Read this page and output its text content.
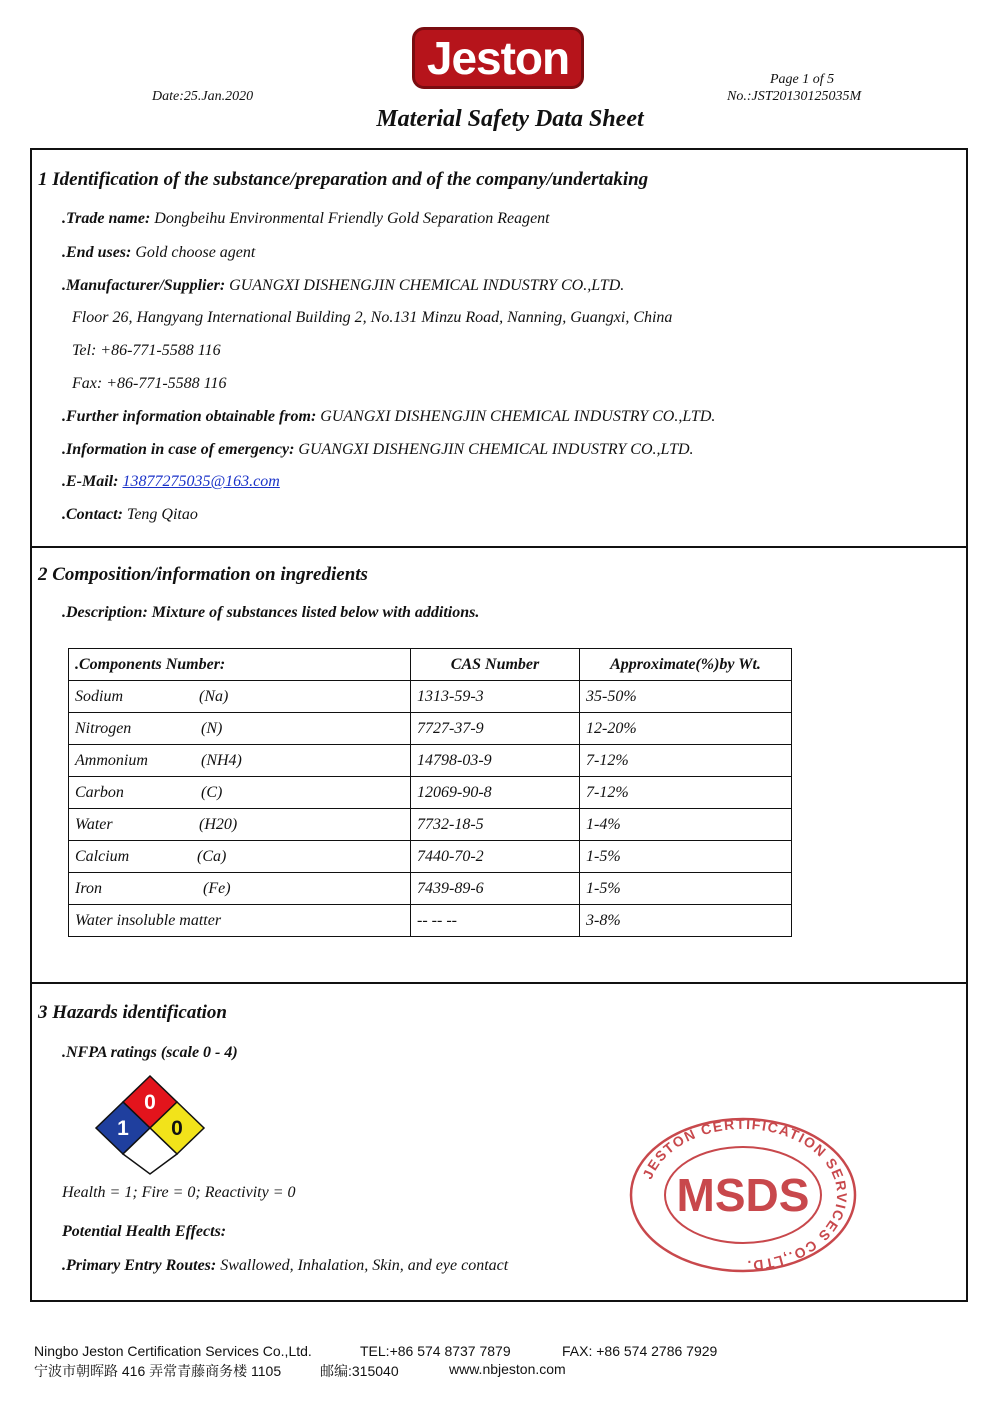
Jeston
Date:25.Jan.2020
Page 1 of 5
No.:JST20130125035M
Material Safety Data Sheet
1 Identification of the substance/preparation and of the company/undertaking
.Trade name: Dongbeihu Environmental Friendly Gold Separation Reagent
.End uses: Gold choose agent
.Manufacturer/Supplier: GUANGXI DISHENGJIN CHEMICAL INDUSTRY CO.,LTD.
Floor 26, Hangyang International Building 2, No.131 Minzu Road, Nanning, Guangxi, China
Tel: +86-771-5588 116
Fax: +86-771-5588 116
.Further information obtainable from: GUANGXI DISHENGJIN CHEMICAL INDUSTRY CO.,LTD.
.Information in case of emergency: GUANGXI DISHENGJIN CHEMICAL INDUSTRY CO.,LTD.
.E-Mail: 13877275035@163.com
.Contact: Teng Qitao
2 Composition/information on ingredients
.Description: Mixture of substances listed below with additions.
.Components Number:	CAS Number	Approximate(%)by Wt.
Sodium (Na)	1313-59-3	35-50%
Nitrogen (N)	7727-37-9	12-20%
Ammonium (NH4)	14798-03-9	7-12%
Carbon (C)	12069-90-8	7-12%
Water (H20)	7732-18-5	1-4%
Calcium (Ca)	7440-70-2	1-5%
Iron (Fe)	7439-89-6	1-5%
Water insoluble matter	-- -- --	3-8%
3 Hazards identification
.NFPA ratings (scale 0 - 4)
0
1 0
Health = 1; Fire = 0; Reactivity = 0
Potential Health Effects:
.Primary Entry Routes: Swallowed, Inhalation, Skin, and eye contact
JESTON CERTIFICATION SERVICES CO.,LTD.
MSDS
Ningbo Jeston Certification Services Co.,Ltd.	TEL:+86 574 8737 7879	FAX: +86 574 2786 7929
宁波市朝晖路 416 弄常青藤商务楼 1105	邮编:315040	www.nbjeston.com
